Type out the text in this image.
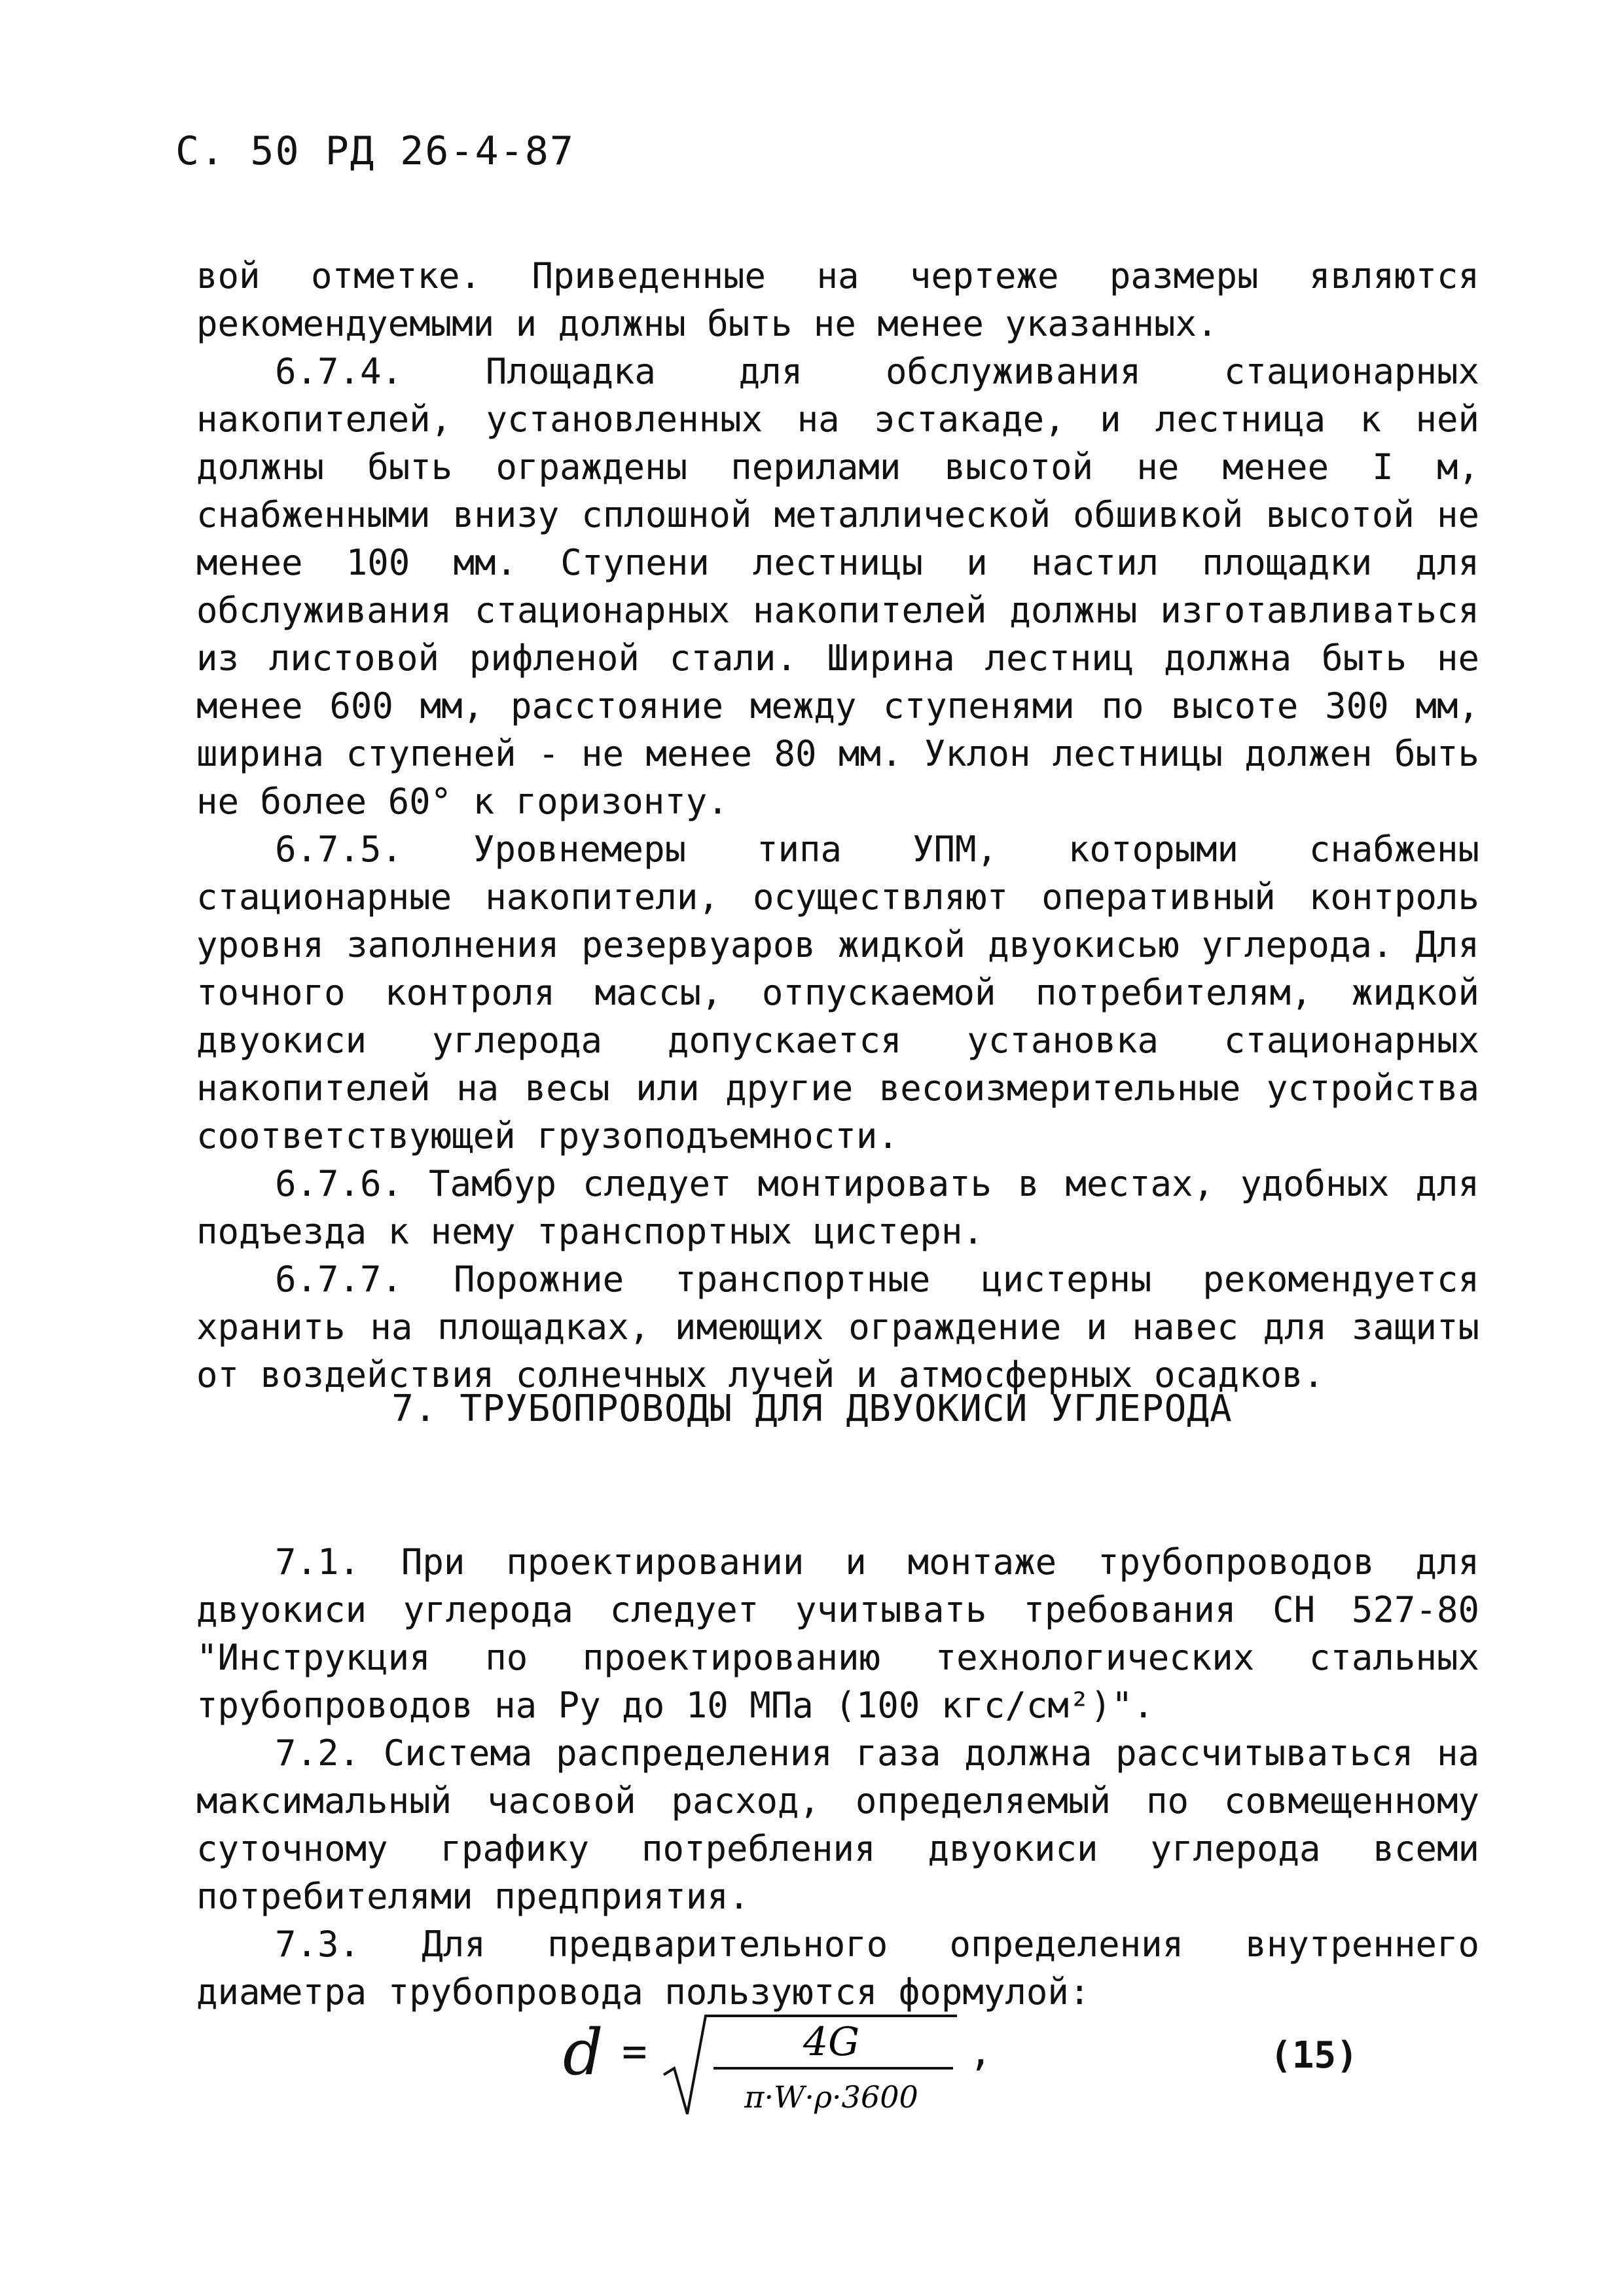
С. 50 РД 26-4-87

вой отметке. Приведенные на чертеже размеры являются рекомендуемыми и должны быть не менее указанных.

6.7.4. Площадка для обслуживания стационарных накопителей, установленных на эстакаде, и лестница к ней должны быть ограждены перилами высотой не менее I м, снабженными внизу сплошной металлической обшивкой высотой не менее 100 мм. Ступени лестницы и настил площадки для обслуживания стационарных накопителей должны изготавливаться из листовой рифленой стали. Ширина лестниц должна быть не менее 600 мм, расстояние между ступенями по высоте 300 мм, ширина ступеней - не менее 80 мм. Уклон лестницы должен быть не более 60° к горизонту.

6.7.5. Уровнемеры типа УПМ, которыми снабжены стационарные накопители, осуществляют оперативный контроль уровня заполнения резервуаров жидкой двуокисью углерода. Для точного контроля массы, отпускаемой потребителям, жидкой двуокиси углерода допускается установка стационарных накопителей на весы или другие весоизмерительные устройства соответствующей грузоподъемности.

6.7.6. Тамбур следует монтировать в местах, удобных для подъезда к нему транспортных цистерн.

6.7.7. Порожние транспортные цистерны рекомендуется хранить на площадках, имеющих ограждение и навес для защиты от воздействия солнечных лучей и атмосферных осадков.

7. ТРУБОПРОВОДЫ ДЛЯ ДВУОКИСИ УГЛЕРОДА

7.1. При проектировании и монтаже трубопроводов для двуокиси углерода следует учитывать требования СН 527-80 "Инструкция по проектированию технологических стальных трубопроводов на Ру до 10 МПа (100 кгс/см²)".

7.2. Система распределения газа должна рассчитываться на максимальный часовой расход, определяемый по совмещенному суточному графику потребления двуокиси углерода всеми потребителями предприятия.

7.3. Для предварительного определения внутреннего диаметра трубопровода пользуются формулой:

d =	4G
π·W·ρ·3600
,	(15)
